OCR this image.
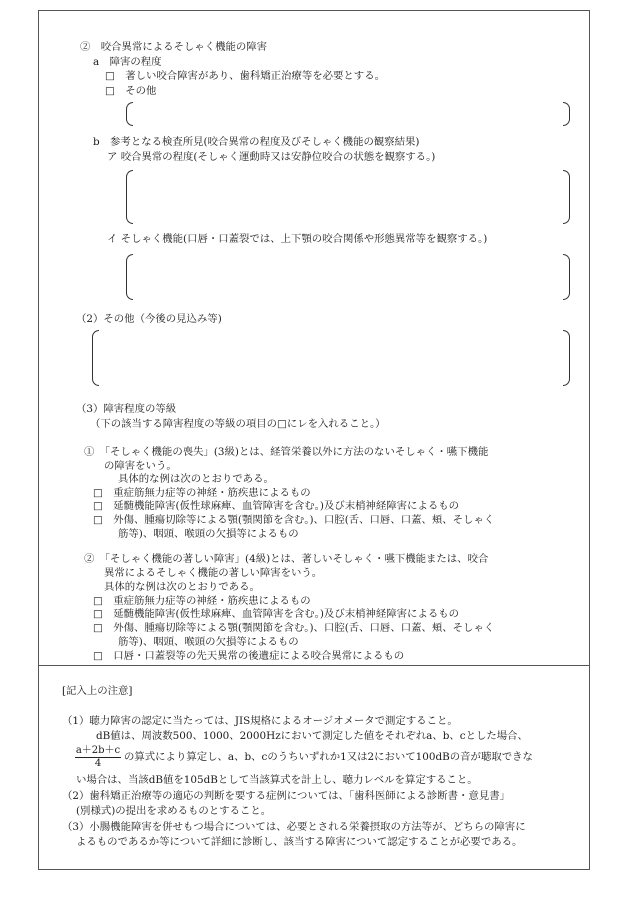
②　咬合異常によるそしゃく機能の障害
a　障害の程度
□　著しい咬合障害があり、歯科矯正治療等を必要とする。
□　その他
b　参考となる検査所見(咬合異常の程度及びそしゃく機能の観察結果)
ア 咬合異常の程度(そしゃく運動時又は安静位咬合の状態を観察する。)
イ そしゃく機能(口唇・口蓋裂では、上下顎の咬合関係や形態異常等を観察する。)
（2）その他（今後の見込み等)
（3）障害程度の等級
（下の該当する障害程度の等級の項目の□にレを入れること。）
①　「そしゃく機能の喪失」(3級)とは、経管栄養以外に方法のないそしゃく・嚥下機能
の障害をいう。
具体的な例は次のとおりである。
□　重症筋無力症等の神経・筋疾患によるもの
□　延髄機能障害(仮性球麻痺、血管障害を含む。)及び末梢神経障害によるもの
□　外傷、腫瘍切除等による顎(顎関節を含む。)、口腔(舌、口唇、口蓋、頬、そしゃく
筋等)、咽頭、喉頭の欠損等によるもの
②　「そしゃく機能の著しい障害」(4級)とは、著しいそしゃく・嚥下機能または、咬合
異常によるそしゃく機能の著しい障害をいう。
具体的な例は次のとおりである。
□　重症筋無力症等の神経・筋疾患によるもの
□　延髄機能障害(仮性球麻痺、血管障害を含む。)及び末梢神経障害によるもの
□　外傷、腫瘍切除等による顎(顎関節を含む。)、口腔(舌、口唇、口蓋、頬、そしゃく
筋等)、咽頭、喉頭の欠損等によるもの
□　口唇・口蓋裂等の先天異常の後遺症による咬合異常によるもの
[記入上の注意]
（1）聴力障害の認定に当たっては、JIS規格によるオージオメータで測定すること。
dB値は、周波数500、1000、2000Hzにおいて測定した値をそれぞれa、b、cとした場合、
$\frac{a+2b+c}{4}$ の算式により算定し、a、b、cのうちいずれか1又は2において100dBの音が聴取できな
い場合は、当該dB値を105dBとして当該算式を計上し、聴力レベルを算定すること。
（2）歯科矯正治療等の適応の判断を要する症例については、「歯科医師による診断書・意見書」
(別様式)の提出を求めるものとすること。
（3）小腸機能障害を併せもつ場合については、必要とされる栄養摂取の方法等が、どちらの障害に
よるものであるか等について詳細に診断し、該当する障害について認定することが必要である。
